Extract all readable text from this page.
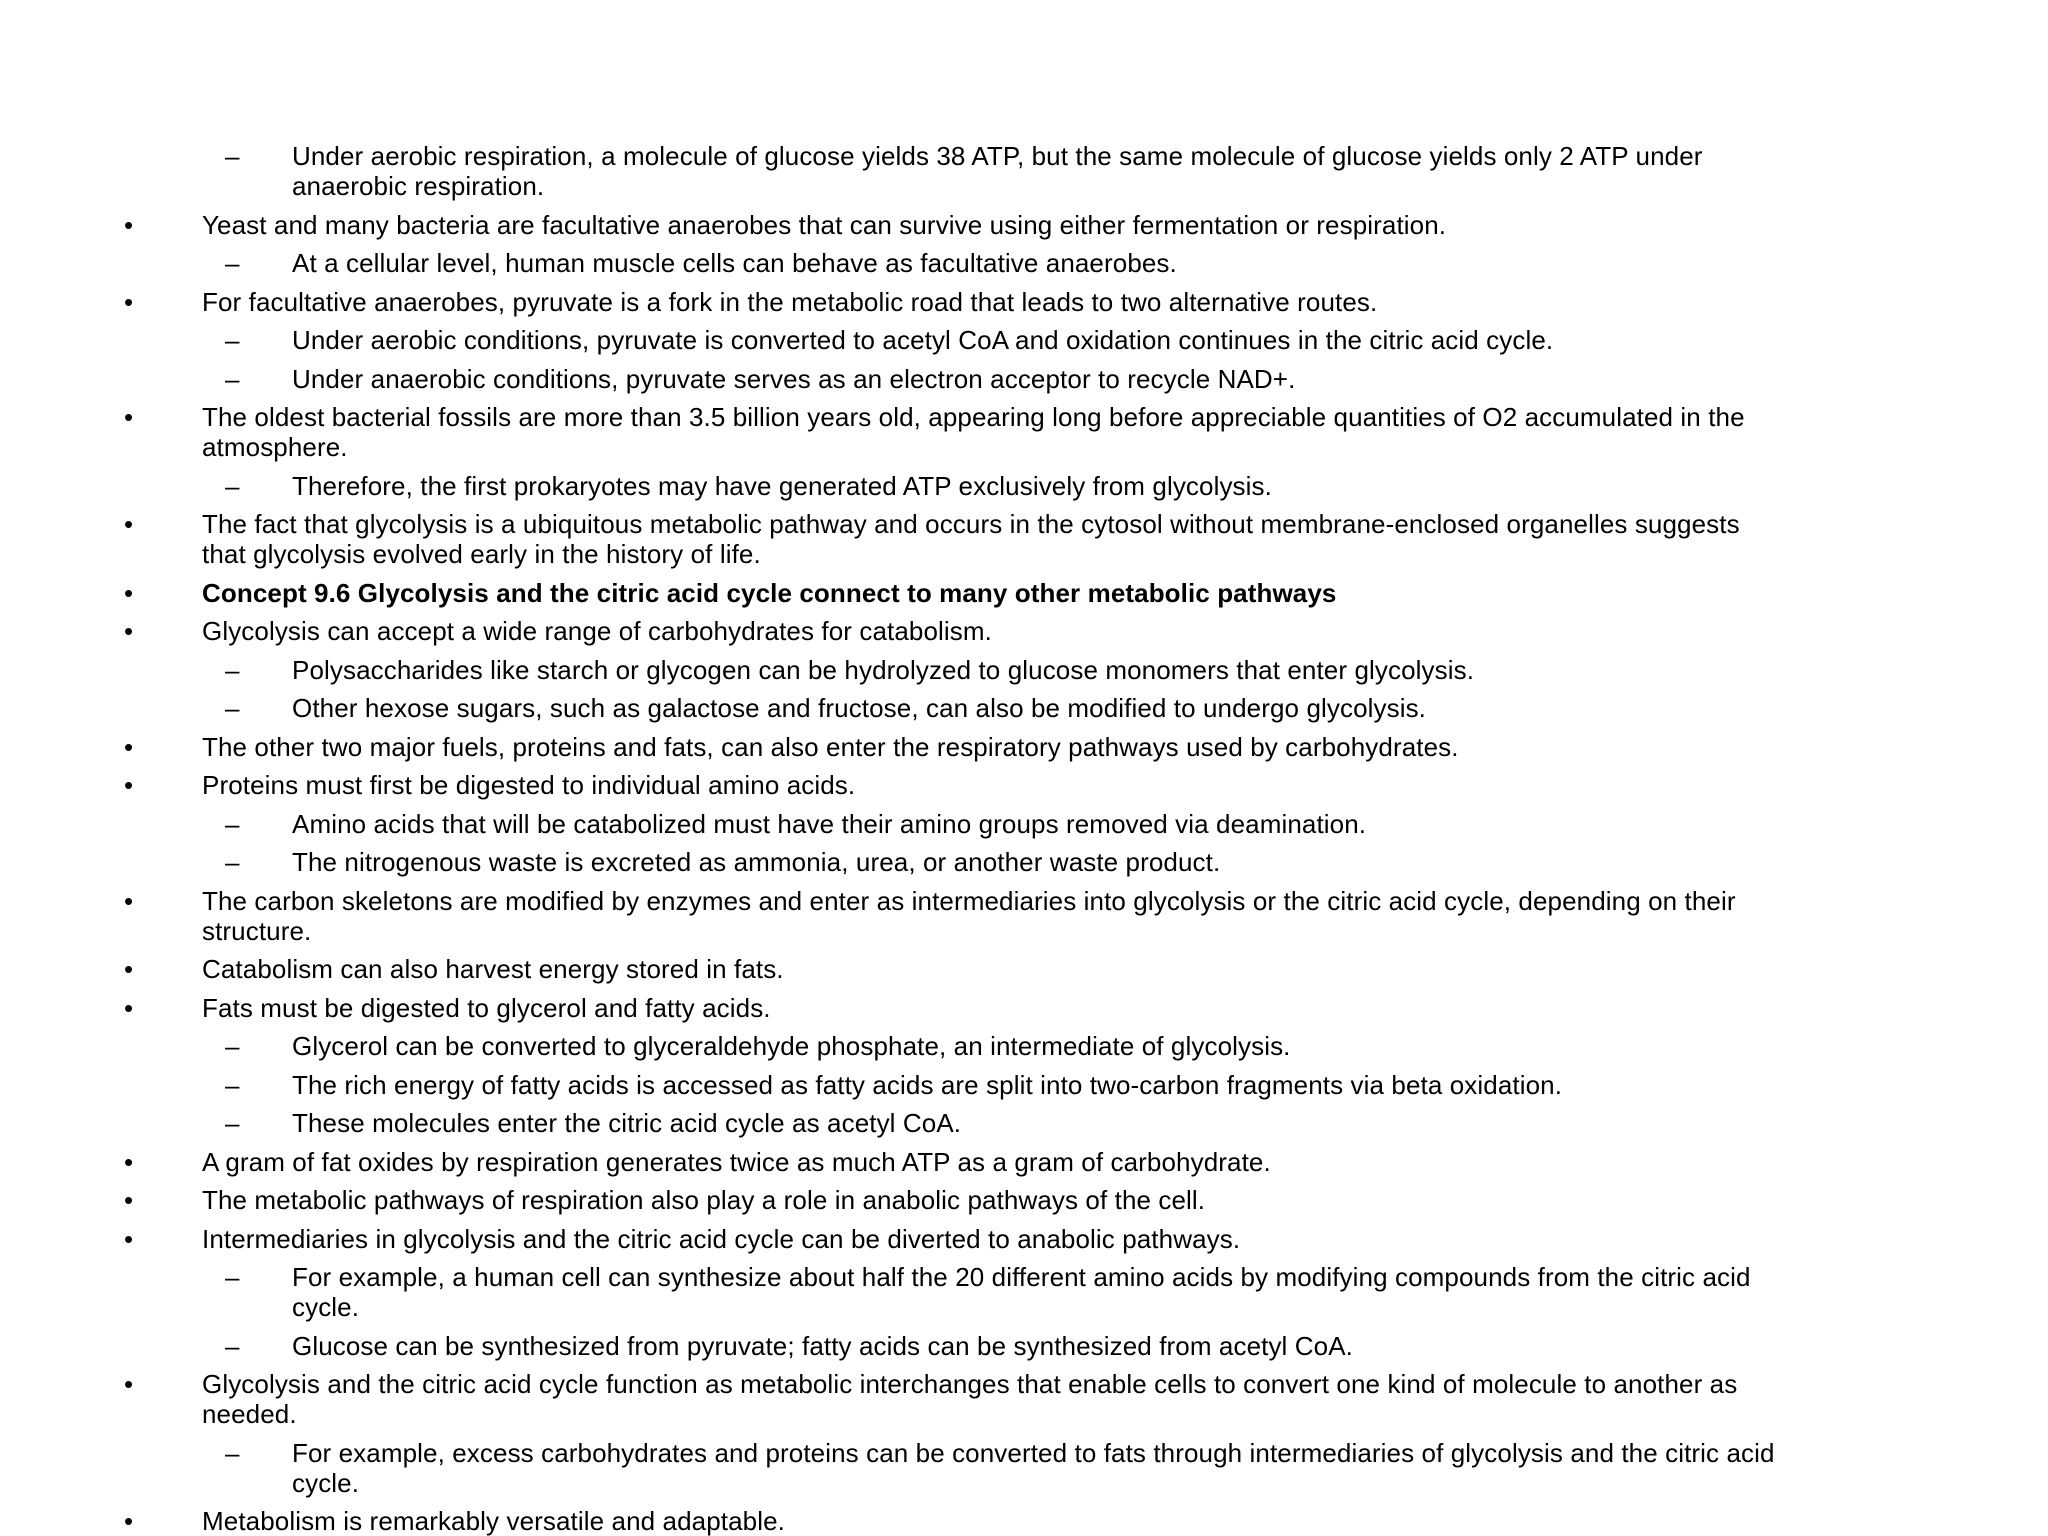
–	Under aerobic respiration, a molecule of glucose yields 38 ATP, but the same molecule of glucose yields only 2 ATP under
anaerobic respiration.
•	Yeast and many bacteria are facultative anaerobes that can survive using either fermentation or respiration.
–	At a cellular level, human muscle cells can behave as facultative anaerobes.
•	For facultative anaerobes, pyruvate is a fork in the metabolic road that leads to two alternative routes.
–	Under aerobic conditions, pyruvate is converted to acetyl CoA and oxidation continues in the citric acid cycle.
–	Under anaerobic conditions, pyruvate serves as an electron acceptor to recycle NAD+.
•	The oldest bacterial fossils are more than 3.5 billion years old, appearing long before appreciable quantities of O2 accumulated in the
atmosphere.
–	Therefore, the first prokaryotes may have generated ATP exclusively from glycolysis.
•	The fact that glycolysis is a ubiquitous metabolic pathway and occurs in the cytosol without membrane-enclosed organelles suggests
that glycolysis evolved early in the history of life.
•	Concept 9.6 Glycolysis and the citric acid cycle connect to many other metabolic pathways
•	Glycolysis can accept a wide range of carbohydrates for catabolism.
–	Polysaccharides like starch or glycogen can be hydrolyzed to glucose monomers that enter glycolysis.
–	Other hexose sugars, such as galactose and fructose, can also be modified to undergo glycolysis.
•	The other two major fuels, proteins and fats, can also enter the respiratory pathways used by carbohydrates.
•	Proteins must first be digested to individual amino acids.
–	Amino acids that will be catabolized must have their amino groups removed via deamination.
–	The nitrogenous waste is excreted as ammonia, urea, or another waste product.
•	The carbon skeletons are modified by enzymes and enter as intermediaries into glycolysis or the citric acid cycle, depending on their
structure.
•	Catabolism can also harvest energy stored in fats.
•	Fats must be digested to glycerol and fatty acids.
–	Glycerol can be converted to glyceraldehyde phosphate, an intermediate of glycolysis.
–	The rich energy of fatty acids is accessed as fatty acids are split into two-carbon fragments via beta oxidation.
–	These molecules enter the citric acid cycle as acetyl CoA.
•	A gram of fat oxides by respiration generates twice as much ATP as a gram of carbohydrate.
•	The metabolic pathways of respiration also play a role in anabolic pathways of the cell.
•	Intermediaries in glycolysis and the citric acid cycle can be diverted to anabolic pathways.
–	For example, a human cell can synthesize about half the 20 different amino acids by modifying compounds from the citric acid
cycle.
–	Glucose can be synthesized from pyruvate; fatty acids can be synthesized from acetyl CoA.
•	Glycolysis and the citric acid cycle function as metabolic interchanges that enable cells to convert one kind of molecule to another as
needed.
–	For example, excess carbohydrates and proteins can be converted to fats through intermediaries of glycolysis and the citric acid
cycle.
•	Metabolism is remarkably versatile and adaptable.
